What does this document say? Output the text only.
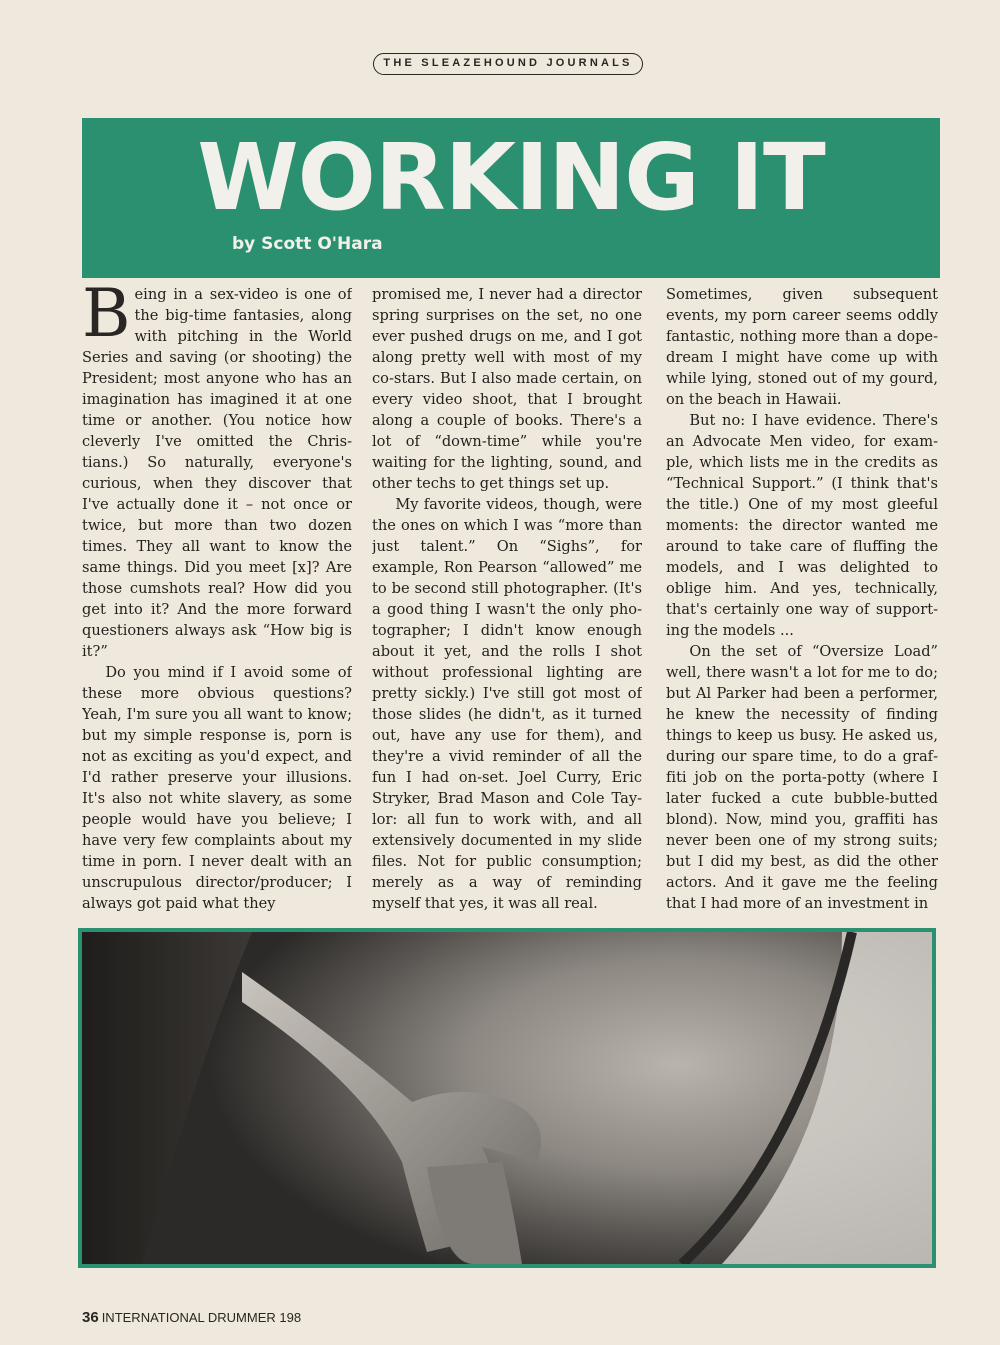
THE SLEAZEHOUND JOURNALS
WORKING IT
by Scott O'Hara

Being in a sex-video is one of the big-time fantasies, along with pitching in the World Series and saving (or shooting) the President; most anyone who has an imagination has imagined it at one time or another. (You notice how cleverly I've omitted the Christians.) So naturally, everyone's curious, when they discover that I've actually done it – not once or twice, but more than two dozen times. They all want to know the same things. Did you meet [x]? Are those cumshots real? How did you get into it? And the more forward questioners always ask “How big is it?”

Do you mind if I avoid some of these more obvious questions? Yeah, I'm sure you all want to know; but my simple response is, porn is not as exciting as you'd expect, and I'd rather preserve your illusions. It's also not white slavery, as some people would have you believe; I have very few complaints about my time in porn. I never dealt with an unscrupulous director/producer; I always got paid what they

promised me, I never had a director spring surprises on the set, no one ever pushed drugs on me, and I got along pretty well with most of my co-stars. But I also made certain, on every video shoot, that I brought along a couple of books. There's a lot of “down-time” while you're waiting for the lighting, sound, and other techs to get things set up.

My favorite videos, though, were the ones on which I was “more than just talent.” On “Sighs”, for example, Ron Pearson “allowed” me to be second still photographer. (It's a good thing I wasn't the only photographer; I didn't know enough about it yet, and the rolls I shot without professional lighting are pretty sickly.) I've still got most of those slides (he didn't, as it turned out, have any use for them), and they're a vivid reminder of all the fun I had on-set. Joel Curry, Eric Stryker, Brad Mason and Cole Taylor: all fun to work with, and all extensively documented in my slide files. Not for public consumption; merely as a way of reminding myself that yes, it was all real.

Sometimes, given subsequent events, my porn career seems oddly fantastic, nothing more than a dope-dream I might have come up with while lying, stoned out of my gourd, on the beach in Hawaii.

But no: I have evidence. There's an Advocate Men video, for example, which lists me in the credits as “Technical Support.” (I think that's the title.) One of my most gleeful moments: the director wanted me around to take care of fluffing the models, and I was delighted to oblige him. And yes, technically, that's certainly one way of supporting the models ...

On the set of “Oversize Load” well, there wasn't a lot for me to do; but Al Parker had been a performer, he knew the necessity of finding things to keep us busy. He asked us, during our spare time, to do a graffiti job on the porta-potty (where I later fucked a cute bubble-butted blond). Now, mind you, graffiti has never been one of my strong suits; but I did my best, as did the other actors. And it gave me the feeling that I had more of an investment in

36 INTERNATIONAL DRUMMER 198
